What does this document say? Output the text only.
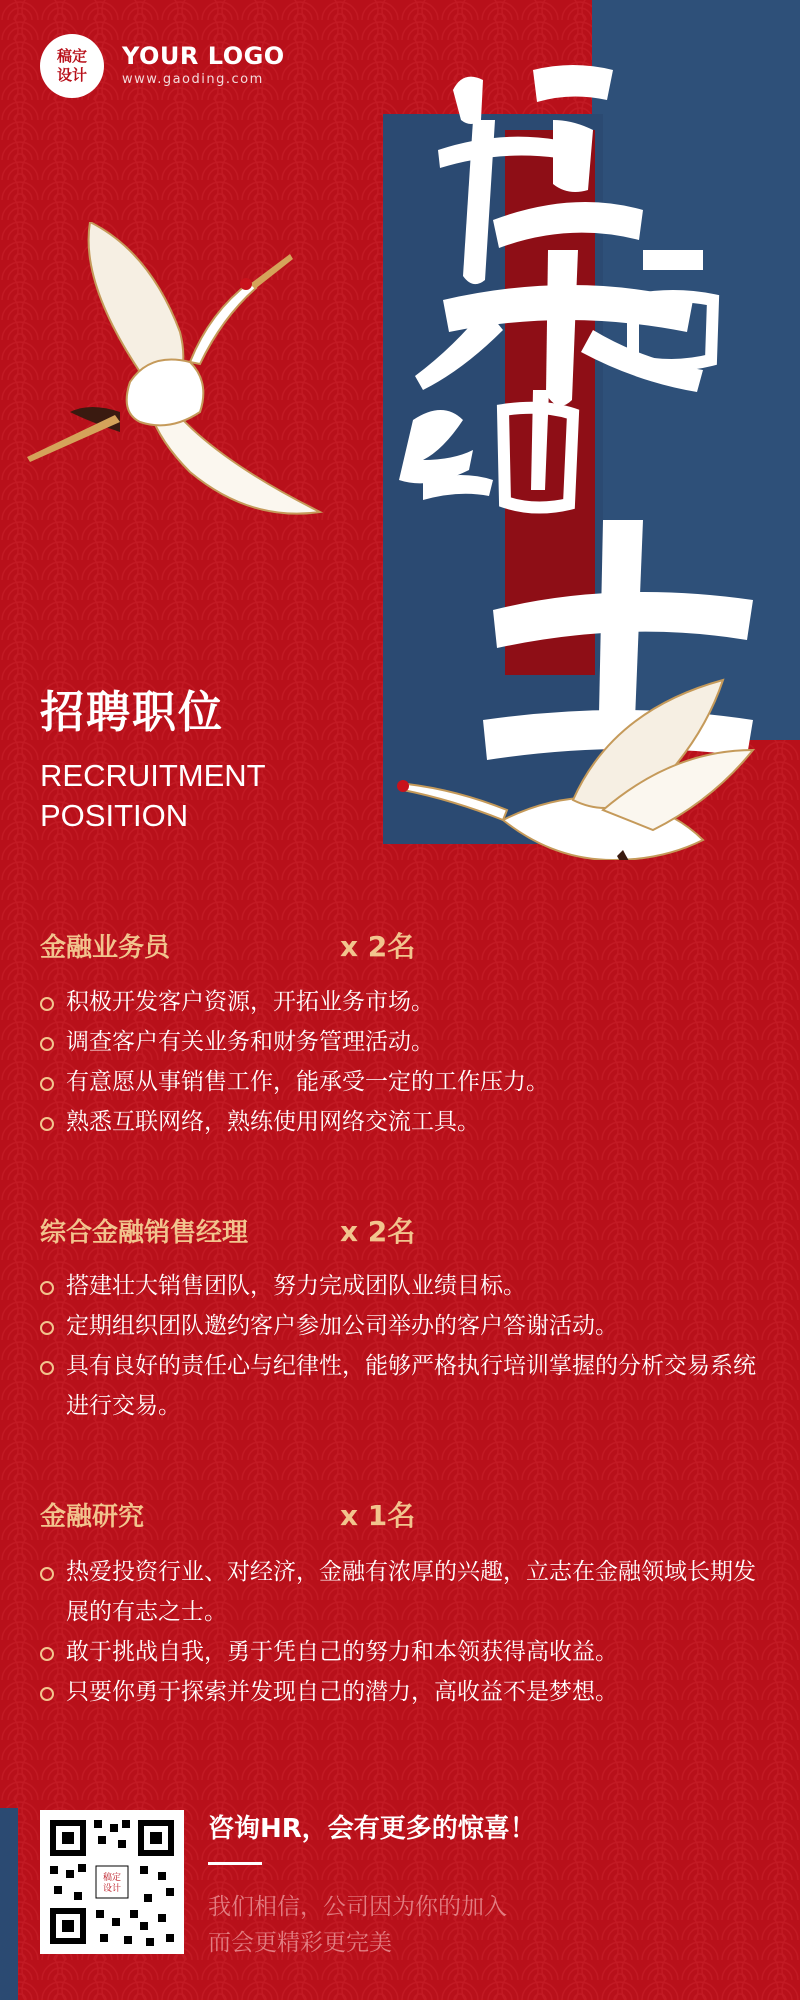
稿定
设计
YOUR LOGO
www.gaoding.com
招贤纳士
招聘职位
RECRUITMENT
POSITION
金融业务员	x 2名
积极开发客户资源，开拓业务市场。
调查客户有关业务和财务管理活动。
有意愿从事销售工作，能承受一定的工作压力。
熟悉互联网络，熟练使用网络交流工具。
综合金融销售经理	x 2名
搭建壮大销售团队，努力完成团队业绩目标。
定期组织团队邀约客户参加公司举办的客户答谢活动。
具有良好的责任心与纪律性，能够严格执行培训掌握的分析交易系统进行交易。
金融研究	x 1名
热爱投资行业、对经济，金融有浓厚的兴趣，立志在金融领域长期发展的有志之士。
敢于挑战自我，勇于凭自己的努力和本领获得高收益。
只要你勇于探索并发现自己的潜力，高收益不是梦想。
稿定
设计
咨询HR，会有更多的惊喜！
我们相信，公司因为你的加入
而会更精彩更完美
